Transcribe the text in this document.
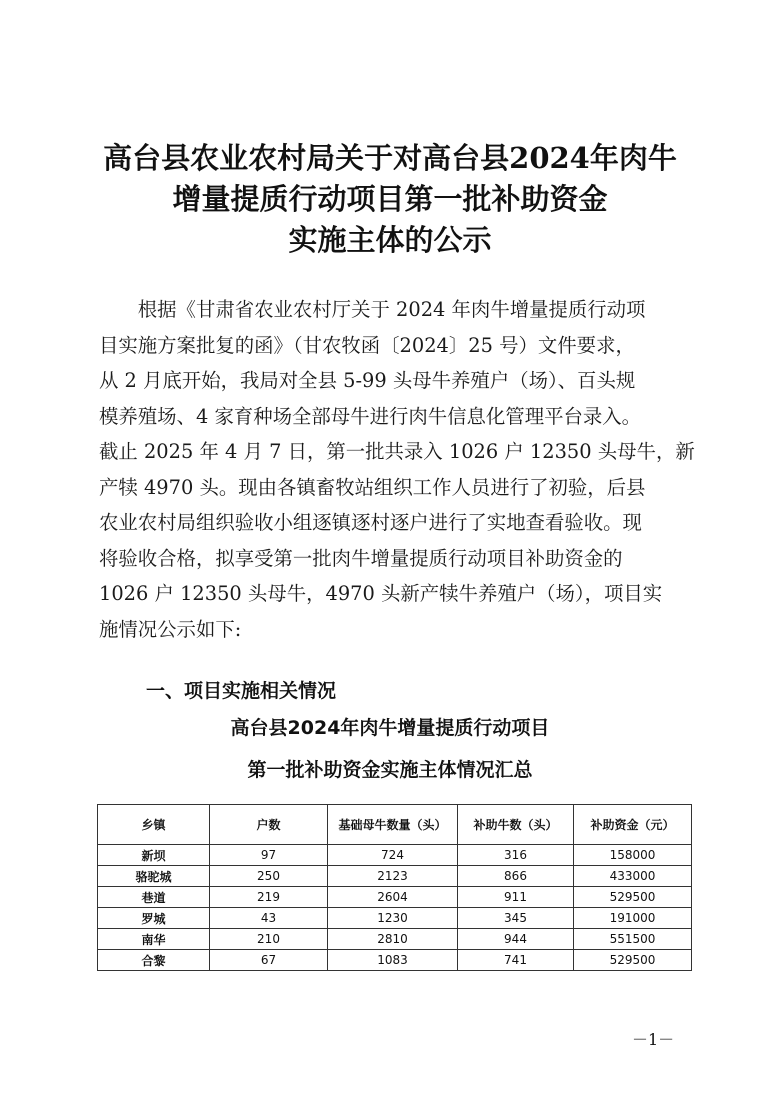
高台县农业农村局关于对高台县2024年肉牛
增量提质行动项目第一批补助资金
实施主体的公示
　　根据《甘肃省农业农村厅关于 2024 年肉牛增量提质行动项
目实施方案批复的函》（甘农牧函〔2024〕25 号）文件要求，
从 2 月底开始，我局对全县 5-99 头母牛养殖户（场）、百头规
模养殖场、4 家育种场全部母牛进行肉牛信息化管理平台录入。
截止 2025 年 4 月 7 日，第一批共录入 1026 户 12350 头母牛，新
产犊 4970 头。现由各镇畜牧站组织工作人员进行了初验，后县
农业农村局组织验收小组逐镇逐村逐户进行了实地查看验收。现
将验收合格，拟享受第一批肉牛增量提质行动项目补助资金的
1026 户 12350 头母牛，4970 头新产犊牛养殖户（场），项目实
施情况公示如下:
一、项目实施相关情况
高台县2024年肉牛增量提质行动项目
第一批补助资金实施主体情况汇总
乡镇	户数	基础母牛数量（头）	补助牛数（头）	补助资金（元）
新坝	97	724	316	158000
骆驼城	250	2123	866	433000
巷道	219	2604	911	529500
罗城	43	1230	345	191000
南华	210	2810	944	551500
合黎	67	1083	741	529500
－1－
